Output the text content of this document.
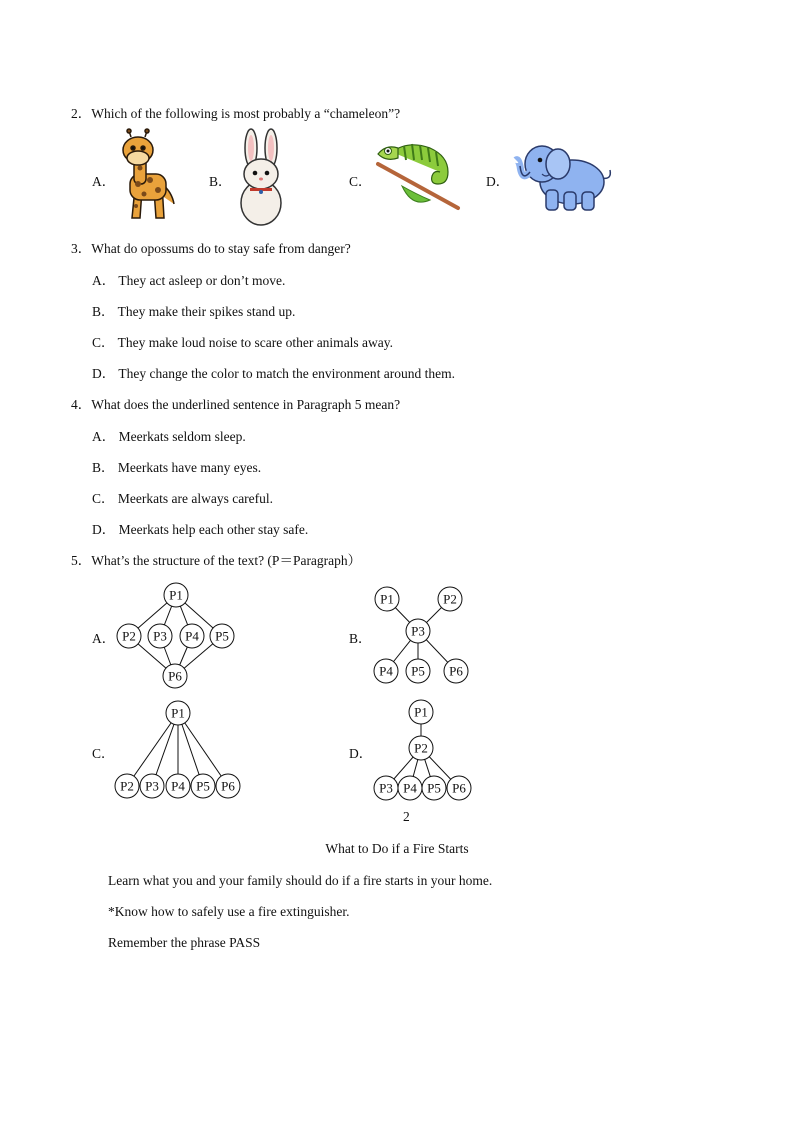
2．Which of the following is most probably a “chameleon”?
A．	B．	C．	D．
3．What do opossums do to stay safe from danger?
A． They act asleep or don’t move.
B． They make their spikes stand up.
C． They make loud noise to scare other animals away.
D． They change the color to match the environment around them.
4．What does the underlined sentence in Paragraph 5 mean?
A． Meerkats seldom sleep.
B． Meerkats have many eyes.
C． Meerkats are always careful.
D． Meerkats help each other stay safe.
5．What’s the structure of the text? (P＝Paragraph）
A．	B．
C．	D．
P1
P2 P3 P4 P5
P6
P1	P2
P3
P4 P5 P6
P1
P2 P3 P4 P5 P6
P1
P2
P3 P4 P5 P6
2
What to Do if a Fire Starts
Learn what you and your family should do if a fire starts in your home.
*Know how to safely use a fire extinguisher.
Remember the phrase PASS
